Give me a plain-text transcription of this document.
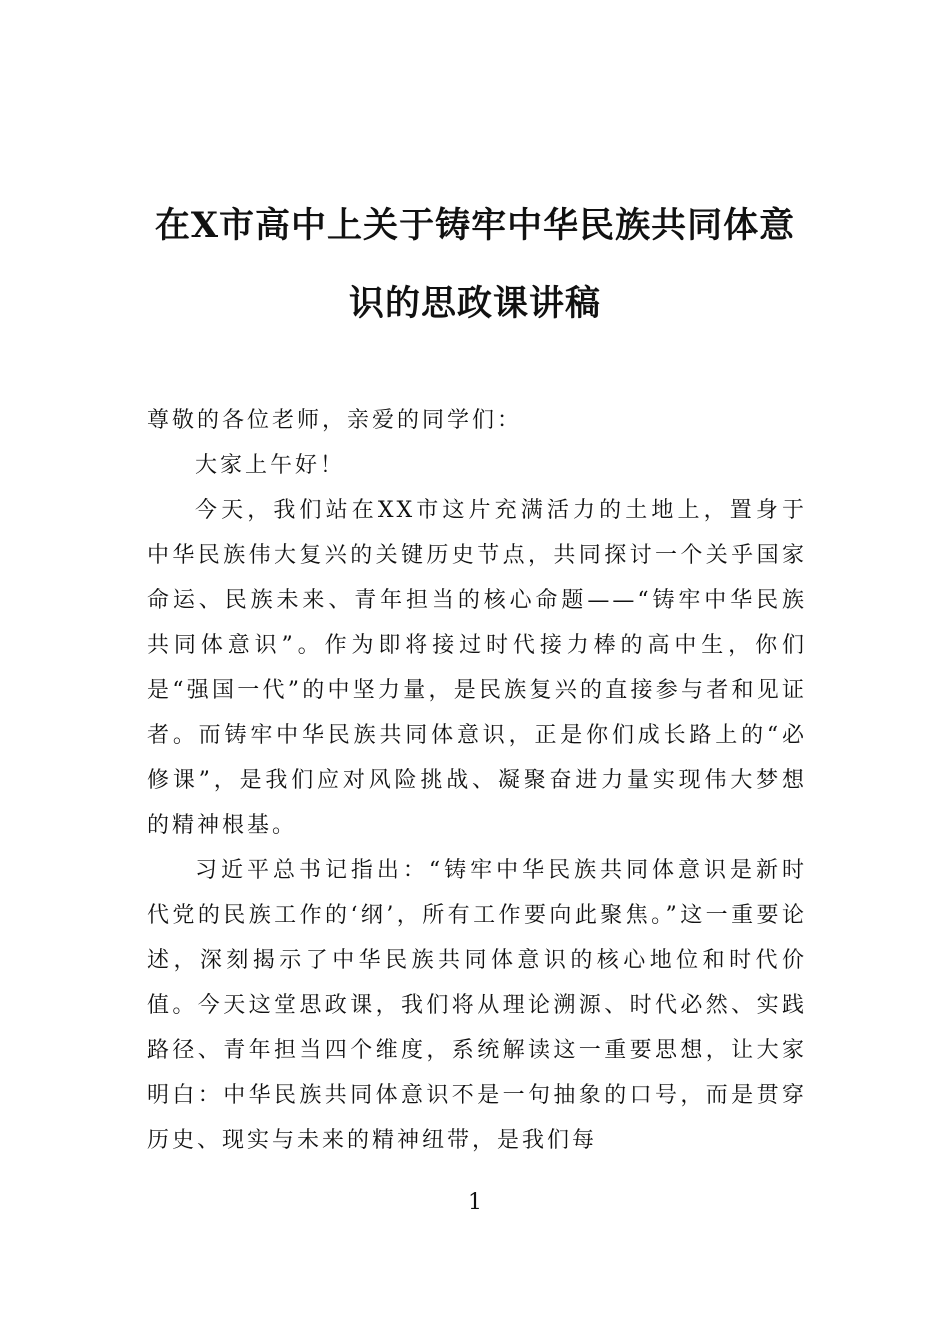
在X市高中上关于铸牢中华民族共同体意
识的思政课讲稿

尊敬的各位老师，亲爱的同学们：

大家上午好！

今天，我们站在XX市这片充满活力的土地上，置身于中华民族伟大复兴的关键历史节点，共同探讨一个关乎国家命运、民族未来、青年担当的核心命题——“铸牢中华民族共同体意识”。作为即将接过时代接力棒的高中生，你们是“强国一代”的中坚力量，是民族复兴的直接参与者和见证者。而铸牢中华民族共同体意识，正是你们成长路上的“必修课”，是我们应对风险挑战、凝聚奋进力量实现伟大梦想的精神根基。

习近平总书记指出：“铸牢中华民族共同体意识是新时代党的民族工作的‘纲’，所有工作要向此聚焦。”这一重要论述，深刻揭示了中华民族共同体意识的核心地位和时代价值。今天这堂思政课，我们将从理论溯源、时代必然、实践路径、青年担当四个维度，系统解读这一重要思想，让大家明白：中华民族共同体意识不是一句抽象的口号，而是贯穿历史、现实与未来的精神纽带，是我们每

1
